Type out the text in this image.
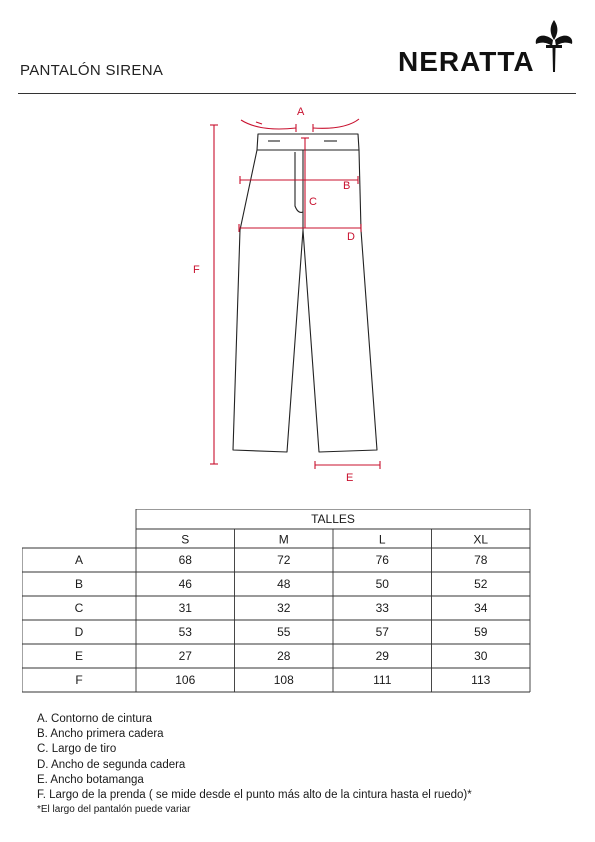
PANTALÓN SIRENA	NERATTA
A
B
C
D
E
F
TALLES
S	M	L	XL
A	68	72	76	78
B	46	48	50	52
C	31	32	33	34
D	53	55	57	59
E	27	28	29	30
F	106	108	111	113
A. Contorno de cintura
B. Ancho primera cadera
C. Largo de tiro
D. Ancho de segunda cadera
E. Ancho botamanga
F. Largo de la prenda ( se mide desde el punto más alto de la cintura hasta el ruedo)*
*El largo del pantalón puede variar
